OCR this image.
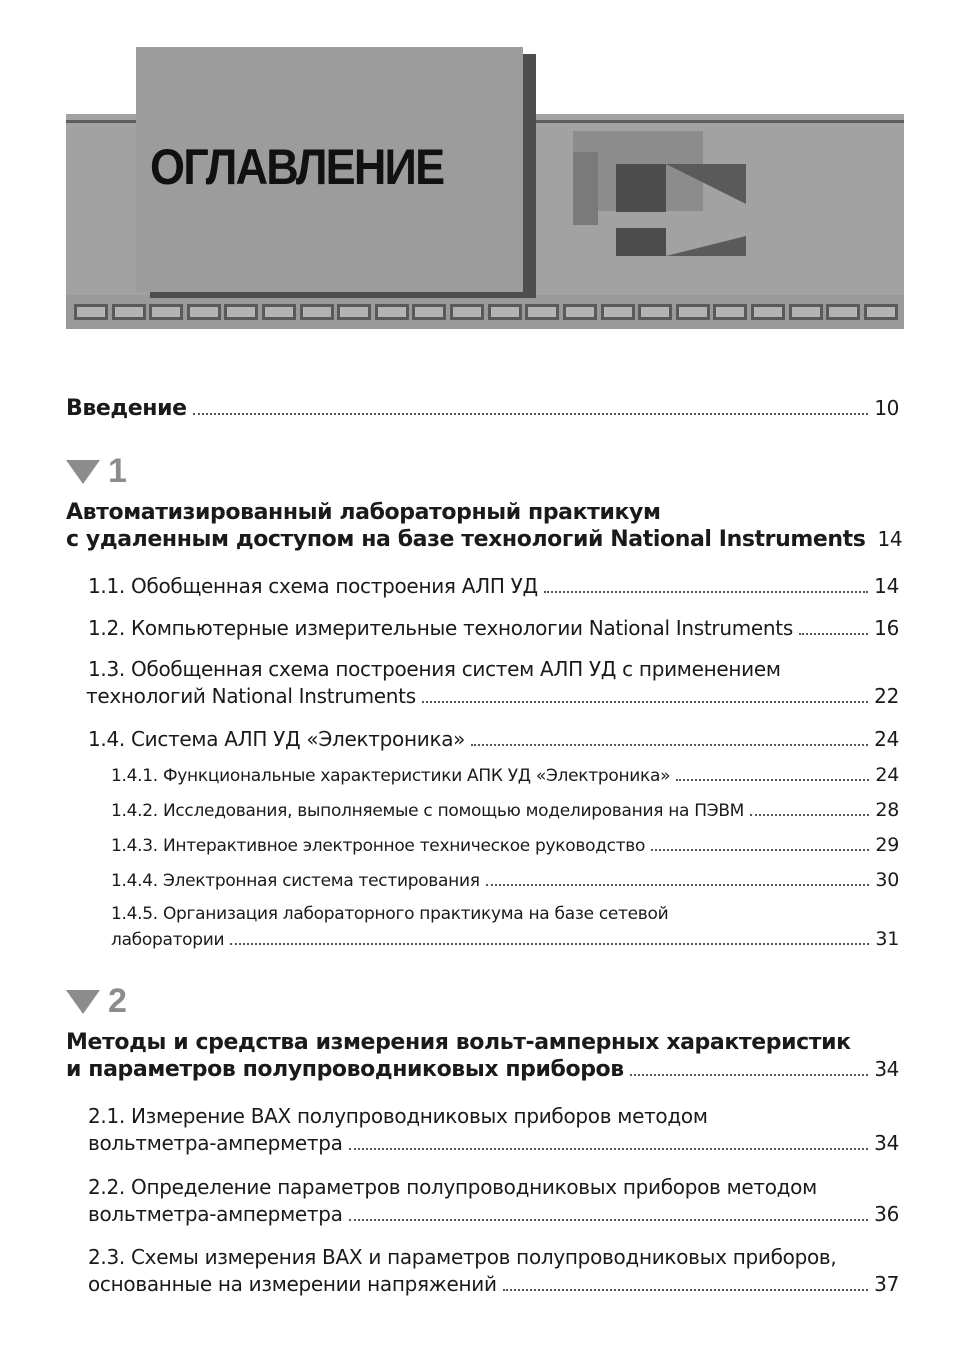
ОГЛАВЛЕНИЕ
Введение	10
1
Автоматизированный лабораторный практикум
с удаленным доступом на базе технологий National Instruments 14
1.1. Обобщенная схема построения АЛП УД	14
1.2. Компьютерные измерительные технологии National Instruments	16
1.3. Обобщенная схема построения систем АЛП УД с применением
технологий National Instruments	22
1.4. Система АЛП УД «Электроника»	24
1.4.1. Функциональные характеристики АПК УД «Электроника»	24
1.4.2. Исследования, выполняемые с помощью моделирования на ПЭВМ	28
1.4.3. Интерактивное электронное техническое руководство	29
1.4.4. Электронная система тестирования	30
1.4.5. Организация лабораторного практикума на базе сетевой
лаборатории	31
2
Методы и средства измерения вольт-амперных характеристик
и параметров полупроводниковых приборов	34
2.1. Измерение ВАХ полупроводниковых приборов методом
вольтметра-амперметра	34
2.2. Определение параметров полупроводниковых приборов методом
вольтметра-амперметра	36
2.3. Схемы измерения ВАХ и параметров полупроводниковых приборов,
основанные на измерении напряжений	37
